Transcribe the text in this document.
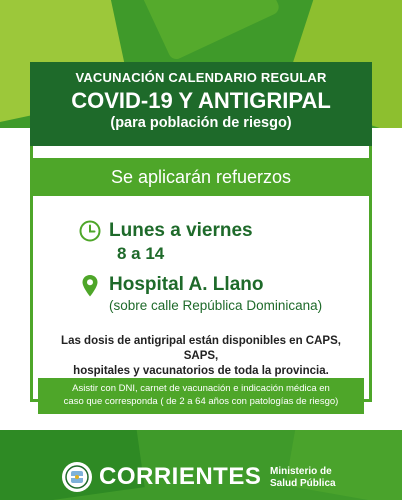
VACUNACIÓN CALENDARIO REGULAR
COVID-19 Y ANTIGRIPAL
(para población de riesgo)
Se aplicarán refuerzos
Lunes a viernes
8 a 14
Hospital A. Llano
(sobre calle República Dominicana)
Las dosis de antigripal están disponibles en CAPS, SAPS,
hospitales y vacunatorios de toda la provincia.
Asistir con DNI, carnet de vacunación e indicación médica en
caso que corresponda ( de 2 a 64 años con patologías de riesgo)
CORRIENTES Ministerio de
Salud Pública
